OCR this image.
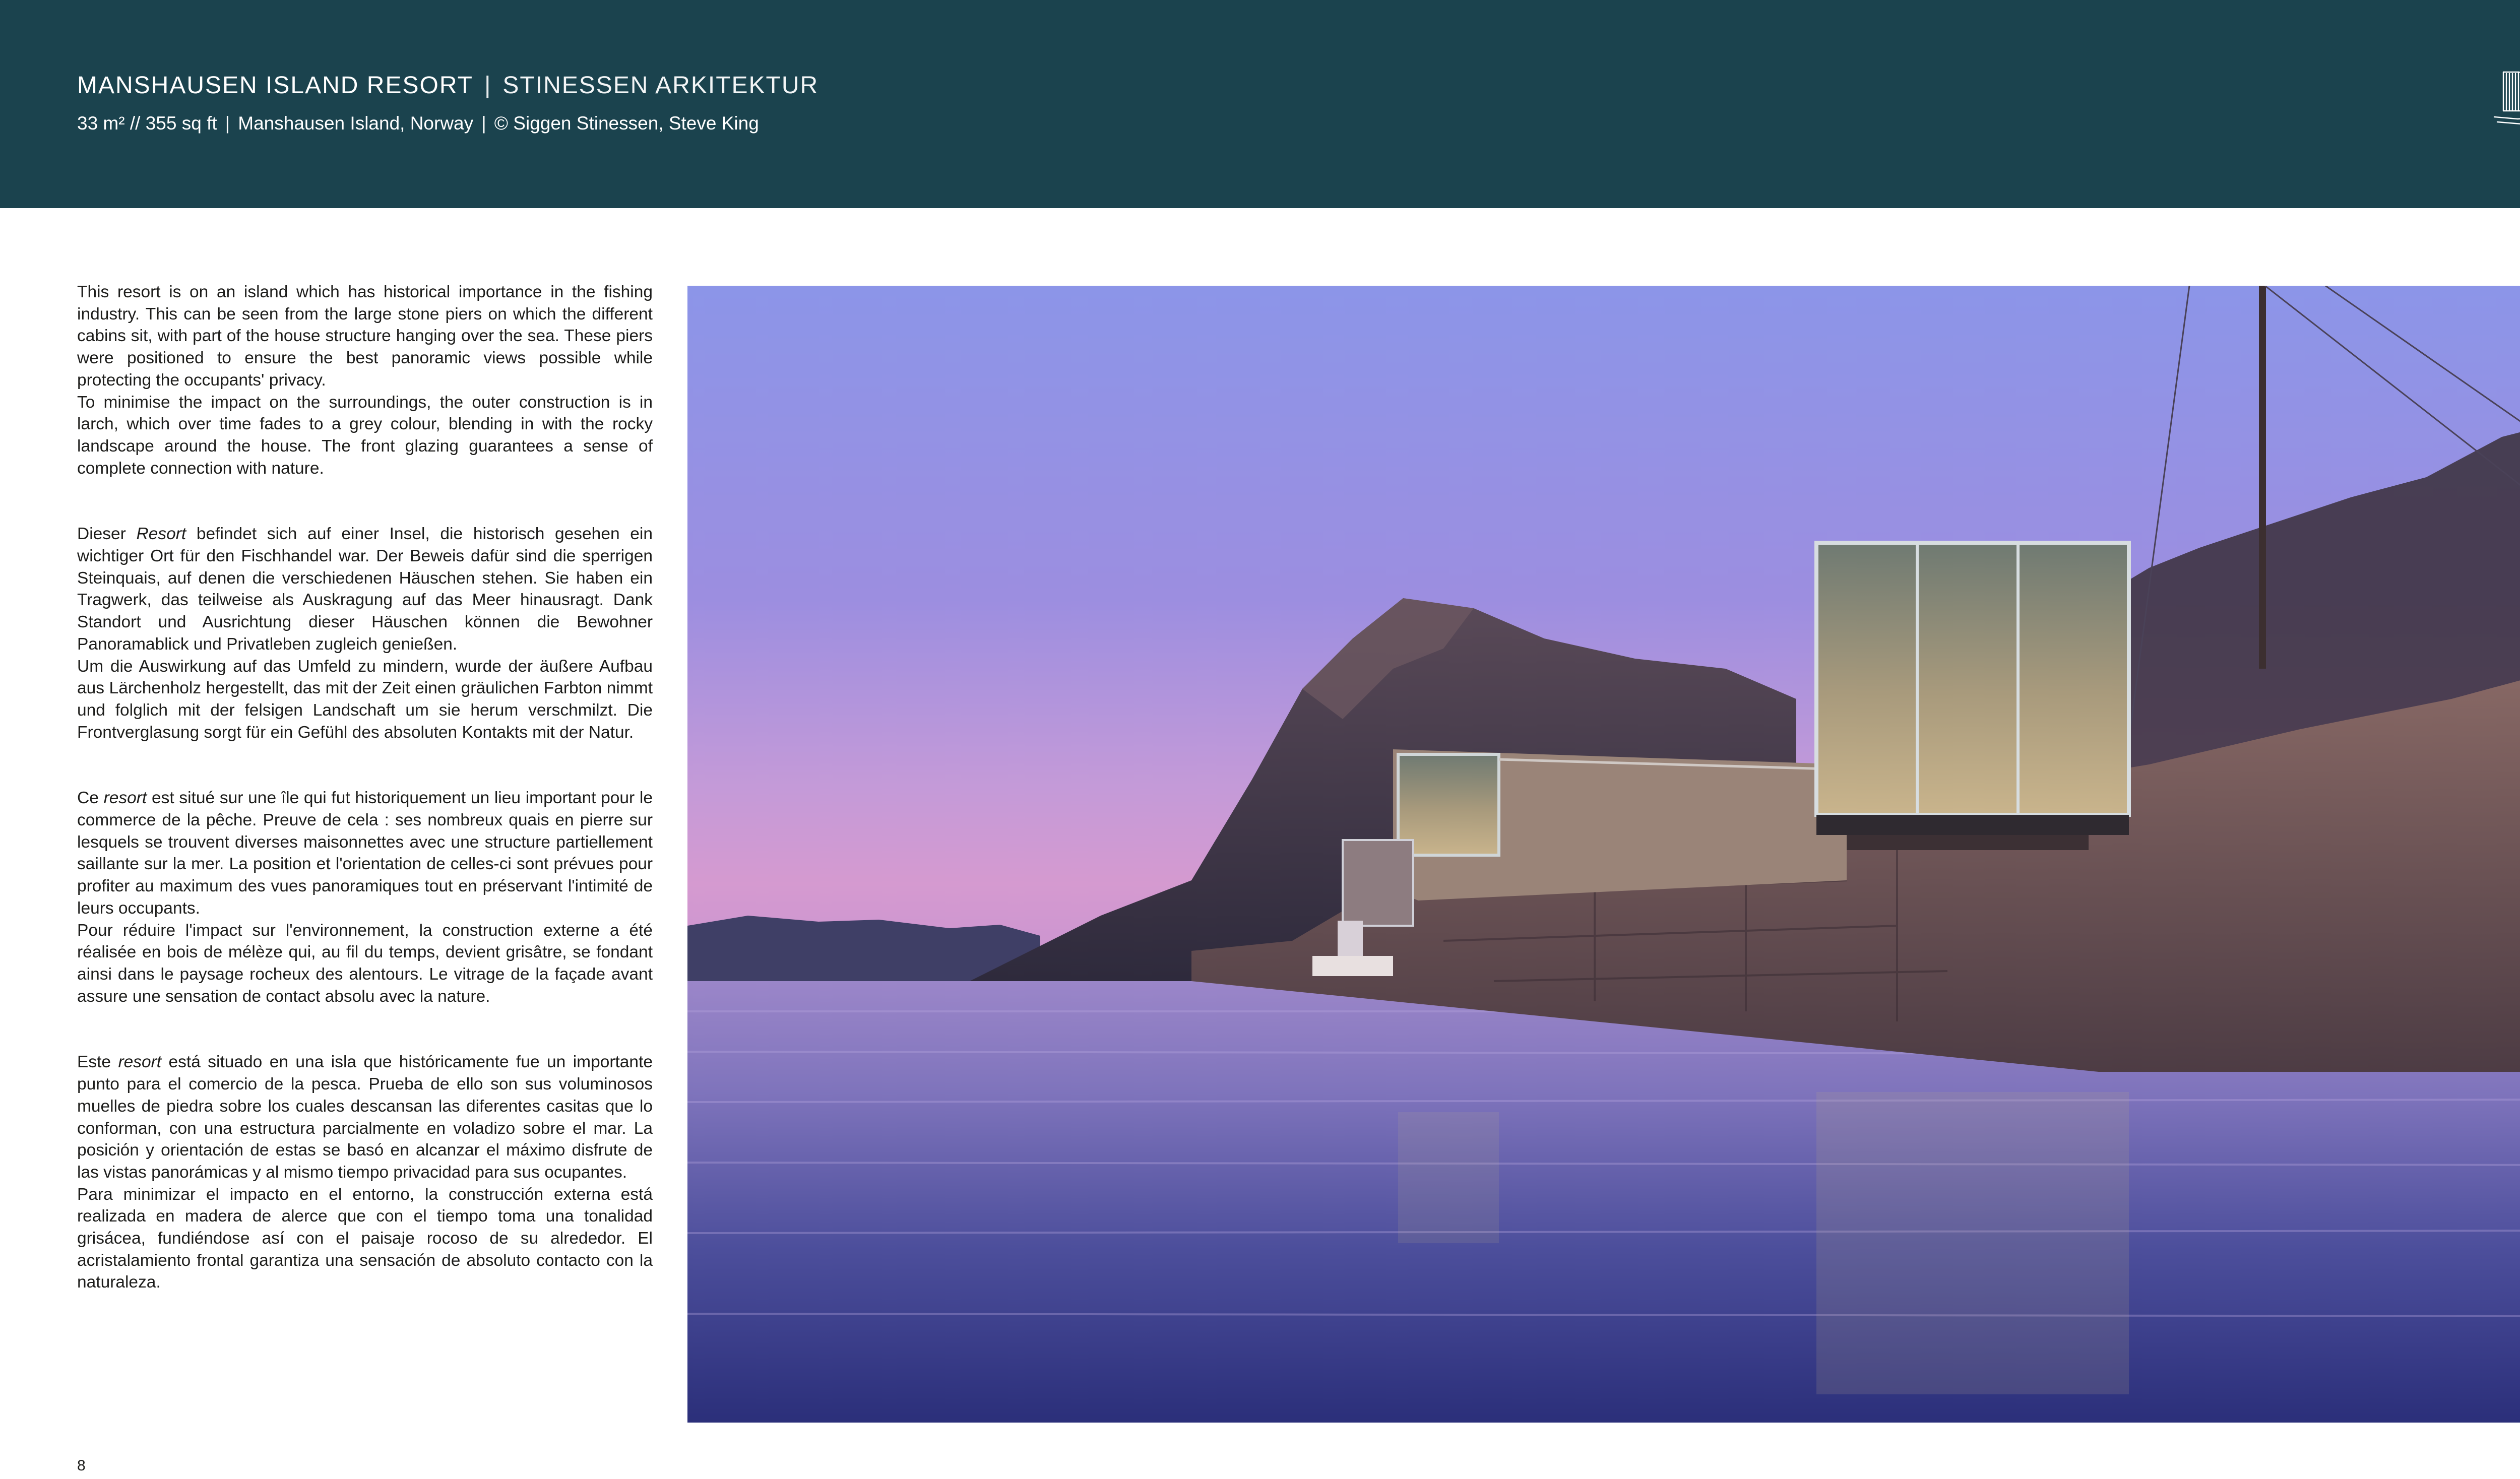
MANSHAUSEN ISLAND RESORT | STINESSEN ARKITEKTUR
33 m² // 355 sq ft | Manshausen Island, Norway | © Siggen Stinessen, Steve King

This resort is on an island which has historical importance in the fishing industry. This can be seen from the large stone piers on which the different cabins sit, with part of the house structure hanging over the sea. These piers were positioned to ensure the best panoramic views possible while protecting the occupants' privacy.

To minimise the impact on the surroundings, the outer construction is in larch, which over time fades to a grey colour, blending in with the rocky landscape around the house. The front glazing guarantees a sense of complete connection with nature.

Dieser Resort befindet sich auf einer Insel, die historisch gesehen ein wichtiger Ort für den Fischhandel war. Der Beweis dafür sind die sperrigen Steinquais, auf denen die verschiedenen Häuschen stehen. Sie haben ein Tragwerk, das teilweise als Auskragung auf das Meer hinausragt. Dank Standort und Ausrichtung dieser Häuschen können die Bewohner Panoramablick und Privatleben zugleich genießen.

Um die Auswirkung auf das Umfeld zu mindern, wurde der äußere Aufbau aus Lärchenholz hergestellt, das mit der Zeit einen gräulichen Farbton nimmt und folglich mit der felsigen Landschaft um sie herum verschmilzt. Die Frontverglasung sorgt für ein Gefühl des absoluten Kontakts mit der Natur.

Ce resort est situé sur une île qui fut historiquement un lieu important pour le commerce de la pêche. Preuve de cela : ses nombreux quais en pierre sur lesquels se trouvent diverses maisonnettes avec une structure partiellement saillante sur la mer. La position et l'orientation de celles-ci sont prévues pour profiter au maximum des vues panoramiques tout en préservant l'intimité de leurs occupants.

Pour réduire l'impact sur l'environnement, la construction externe a été réalisée en bois de mélèze qui, au fil du temps, devient grisâtre, se fondant ainsi dans le paysage rocheux des alentours. Le vitrage de la façade avant assure une sensation de contact absolu avec la nature.

Este resort está situado en una isla que históricamente fue un importante punto para el comercio de la pesca. Prueba de ello son sus voluminosos muelles de piedra sobre los cuales descansan las diferentes casitas que lo conforman, con una estructura parcialmente en voladizo sobre el mar. La posición y orientación de estas se basó en alcanzar el máximo disfrute de las vistas panorámicas y al mismo tiempo privacidad para sus ocupantes.

Para minimizar el impacto en el entorno, la construcción externa está realizada en madera de alerce que con el tiempo toma una tonalidad grisácea, fundiéndose así con el paisaje rocoso de su alrededor. El acristalamiento frontal garantiza una sensación de absoluto contacto con la naturaleza.

8
